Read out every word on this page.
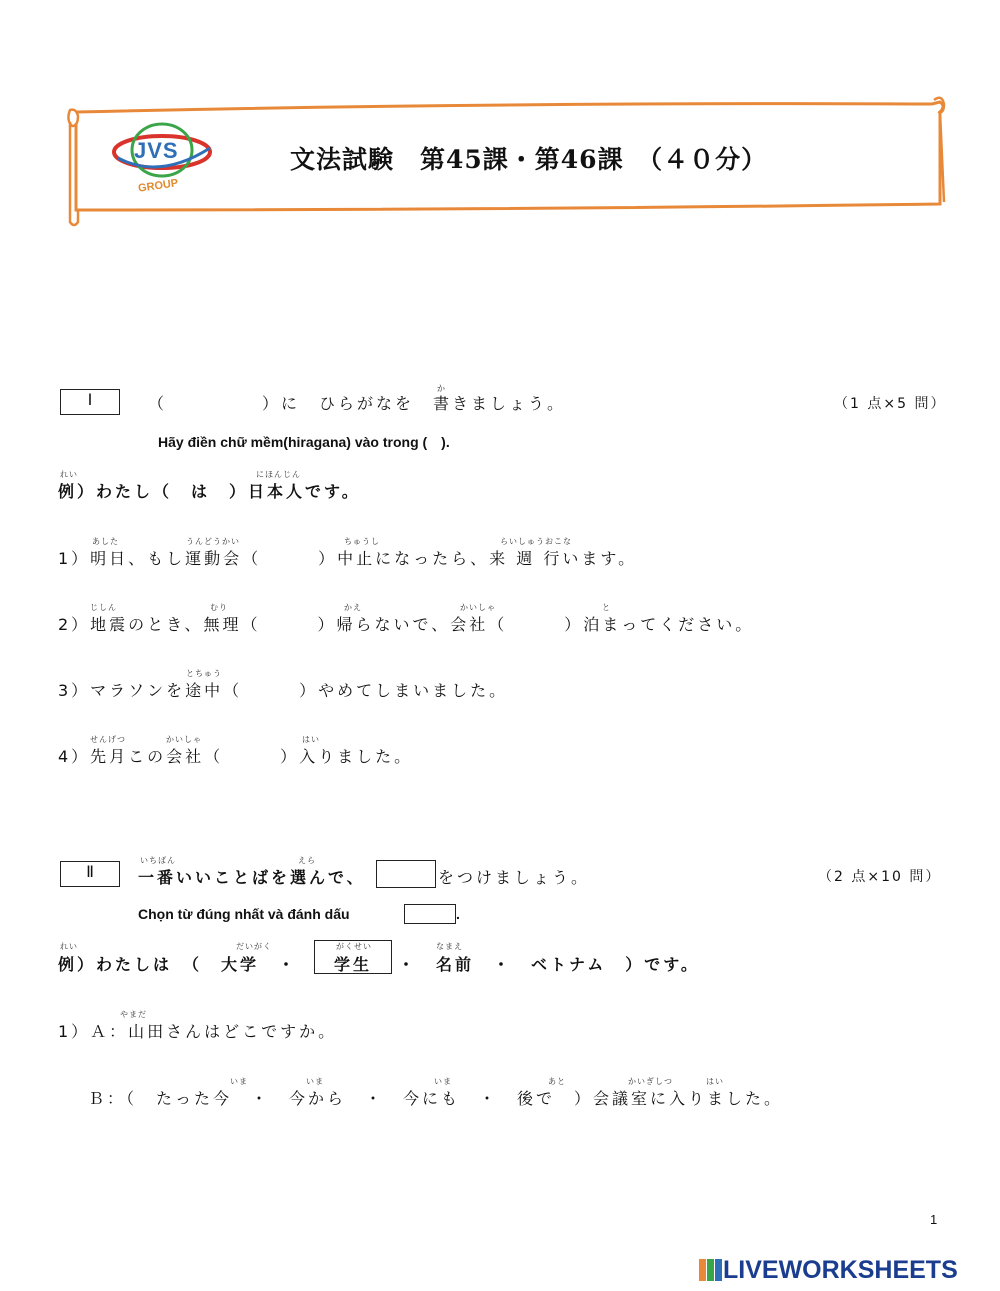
JVS
GROUP
文法試験　第45課・第46課　（４０分）
Ⅰ
か
（　　　　　）に　ひらがなを　書きましょう。	（1 点×5 問）
Hãy điền chữ mềm(hiragana) vào trong (　).
れい	にほんじん
例）わたし（　は　）日本人です。
あした	うんどうかい	ちゅうし	らいしゅうおこな
1）明日、もし運動会（　　　）中止になったら、来 週 行います。
じしん	むり	かえ	かいしゃ	と
2）地震のとき、無理（　　　）帰らないで、会社（　　　）泊まってください。
とちゅう
3）マラソンを途中（　　　）やめてしまいました。
せんげつ	かいしゃ	はい
4）先月この会社（　　　）入りました。
Ⅱ
いちばん	えら
一番いいことばを選んで、	をつけましょう。	（2 点×10 問）
Chọn từ đúng nhất và đánh dấu	.
れい	だいがく	がくせい	なまえ
例）わたしは　（　大学　・ 学生 ・　名前　・　ベトナム　）です。
やまだ
1）Ａ：山田さんはどこですか。
いま	いま	いま	あと	かいぎしつ	はい
Ｂ：（　たった今　・　今から　・　今にも　・　後で　）会議室に入りました。
1
LIVEWORKSHEETS
